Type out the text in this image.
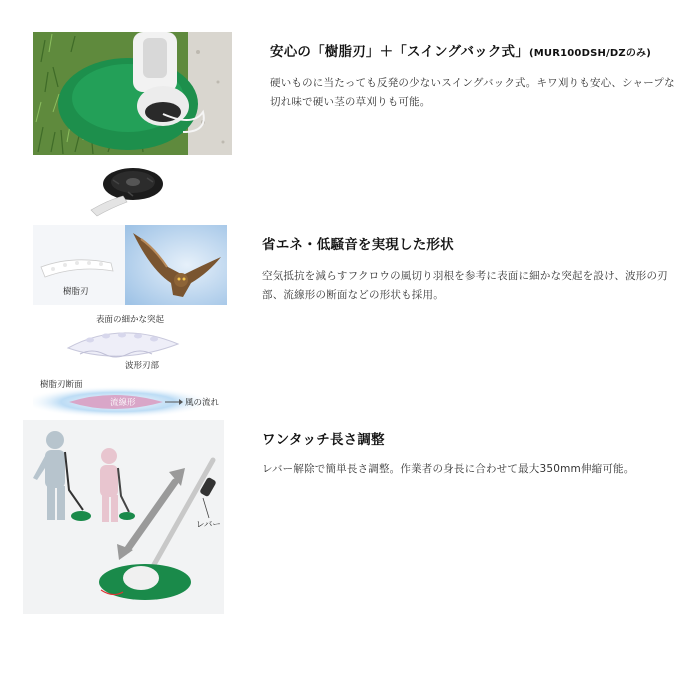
安心の「樹脂刃」＋「スイングバック式」(MUR100DSH/DZのみ)
硬いものに当たっても反発の少ないスイングバック式。キワ刈りも安心、シャープな切れ味で硬い茎の草刈りも可能。
樹脂刃
表面の細かな突起
波形刃部
樹脂刃断面
流線形	風の流れ
省エネ・低騒音を実現した形状
空気抵抗を減らすフクロウの風切り羽根を参考に表面に細かな突起を設け、波形の刃部、流線形の断面などの形状も採用。
レバー
ワンタッチ長さ調整
レバー解除で簡単長さ調整。作業者の身長に合わせて最大350mm伸縮可能。
